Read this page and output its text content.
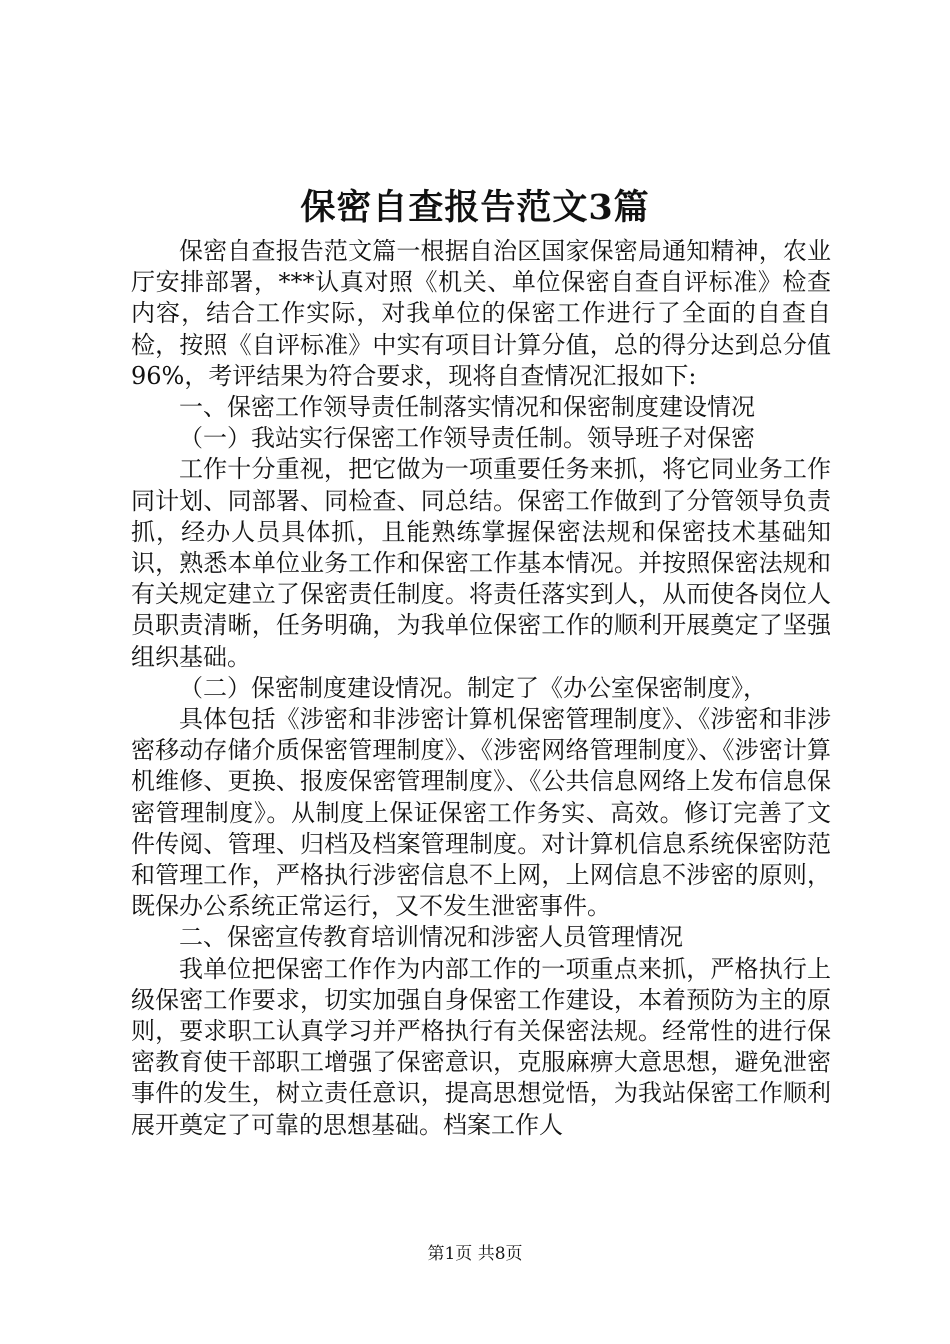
保密自查报告范文3篇

保密自查报告范文篇一根据自治区国家保密局通知精神，农业厅安排部署，***认真对照《机关、单位保密自查自评标准》检查内容，结合工作实际，对我单位的保密工作进行了全面的自查自检，按照《自评标准》中实有项目计算分值，总的得分达到总分值96%，考评结果为符合要求，现将自查情况汇报如下:

一、保密工作领导责任制落实情况和保密制度建设情况

（一）我站实行保密工作领导责任制。领导班子对保密

工作十分重视，把它做为一项重要任务来抓，将它同业务工作同计划、同部署、同检查、同总结。保密工作做到了分管领导负责抓，经办人员具体抓，且能熟练掌握保密法规和保密技术基础知识，熟悉本单位业务工作和保密工作基本情况。并按照保密法规和有关规定建立了保密责任制度。将责任落实到人，从而使各岗位人员职责清晰，任务明确，为我单位保密工作的顺利开展奠定了坚强组织基础。

（二）保密制度建设情况。制定了《办公室保密制度》，

具体包括《涉密和非涉密计算机保密管理制度》、《涉密和非涉密移动存储介质保密管理制度》、《涉密网络管理制度》、《涉密计算机维修、更换、报废保密管理制度》、《公共信息网络上发布信息保密管理制度》。从制度上保证保密工作务实、高效。修订完善了文件传阅、管理、归档及档案管理制度。对计算机信息系统保密防范和管理工作，严格执行涉密信息不上网，上网信息不涉密的原则，既保办公系统正常运行，又不发生泄密事件。

二、保密宣传教育培训情况和涉密人员管理情况

我单位把保密工作作为内部工作的一项重点来抓，严格执行上级保密工作要求，切实加强自身保密工作建设，本着预防为主的原则，要求职工认真学习并严格执行有关保密法规。经常性的进行保密教育使干部职工增强了保密意识，克服麻痹大意思想，避免泄密事件的发生，树立责任意识，提高思想觉悟，为我站保密工作顺利展开奠定了可靠的思想基础。档案工作人

第1页 共8页
